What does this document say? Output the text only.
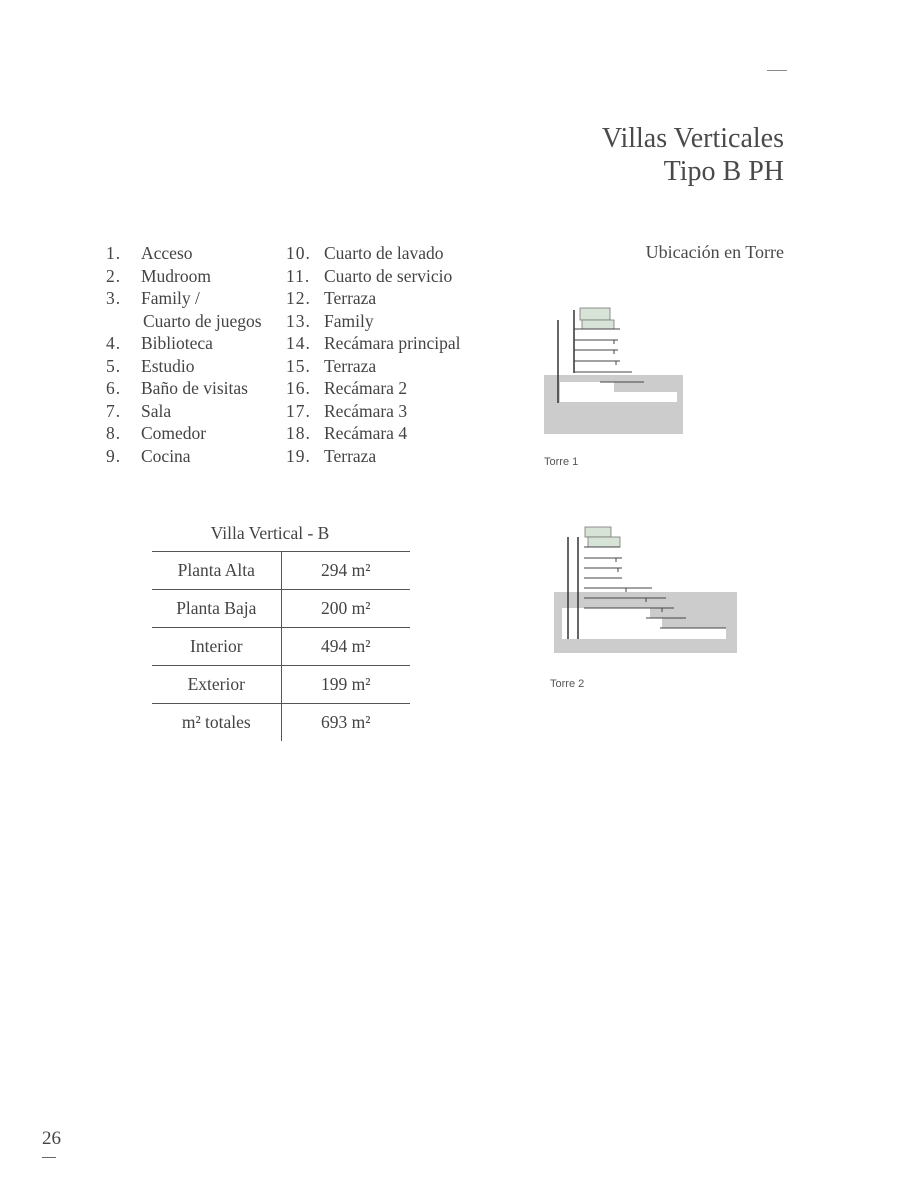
Villas Verticales
Tipo B PH
Ubicación en Torre
1.	Acceso
2.	Mudroom
3.	Family /
Cuarto de juegos
4.	Biblioteca
5.	Estudio
6.	Baño de visitas
7.	Sala
8.	Comedor
9.	Cocina
10. Cuarto de lavado
11. Cuarto de servicio
12. Terraza
13. Family
14. Recámara principal
15. Terraza
16. Recámara 2
17. Recámara 3
18. Recámara 4
19. Terraza	Torre 1
Torre 2
Villa Vertical - B
Planta Alta	294 m²
Planta Baja	200 m²
Interior	494 m²
Exterior	199 m²
m² totales	693 m²
26
